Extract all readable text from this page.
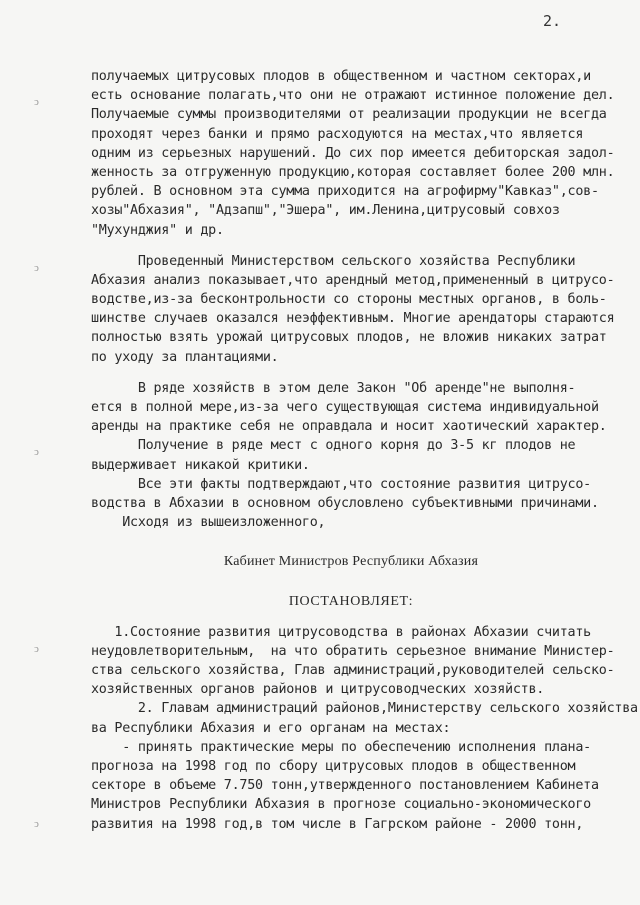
2.
ↄ
ↄ
ↄ
ↄ
ↄ
получаемых цитрусовых плодов в общественном и частном секторах,и
есть основание полагать,что они не отражают истинное положение дел.
Получаемые суммы производителями от реализации продукции не всегда
проходят через банки и прямо расходуются на местах,что является
одним из серьезных нарушений. До сих пор имеется дебиторская задол-
женность за отгруженную продукцию,которая составляет более 200 млн.
рублей. В основном эта сумма приходится на агрофирму"Кавказ",сов-
хозы"Абхазия", "Адзапш","Эшера", им.Ленина,цитрусовый совхоз
"Мухунджия" и др.
Проведенный Министерством сельского хозяйства Республики
Абхазия анализ показывает,что арендный метод,примененный в цитрусо-
водстве,из-за бесконтрольности со стороны местных органов, в боль-
шинстве случаев оказался неэффективным. Многие арендаторы стараются
полностью взять урожай цитрусовых плодов, не вложив никаких затрат
по уходу за плантациями.
В ряде хозяйств в этом деле Закон "Об аренде"не выполня-
ется в полной мере,из-за чего существующая система индивидуальной
аренды на практике себя не оправдала и носит хаотический характер.
Получение в ряде мест с одного корня до 3-5 кг плодов не
выдерживает никакой критики.
Все эти факты подтверждают,что состояние развития цитрусо-
водства в Абхазии в основном обусловлено субъективными причинами.
Исходя из вышеизложенного,
Кабинет Министров Республики Абхазия
ПОСТАНОВЛЯЕТ:
1.Состояние развития цитрусоводства в районах Абхазии считать
неудовлетворительным,  на что обратить серьезное внимание Министер-
ства сельского хозяйства, Глав администраций,руководителей сельско-
хозяйственных органов районов и цитрусоводческих хозяйств.
2. Главам администраций районов,Министерству сельского хозяйства
ва Республики Абхазия и его органам на местах:
- принять практические меры по обеспечению исполнения плана-
прогноза на 1998 год по сбору цитрусовых плодов в общественном
секторе в объеме 7.750 тонн,утвержденного постановлением Кабинета
Министров Республики Абхазия в прогнозе социально-экономического
развития на 1998 год,в том числе в Гагрском районе - 2000 тонн,
